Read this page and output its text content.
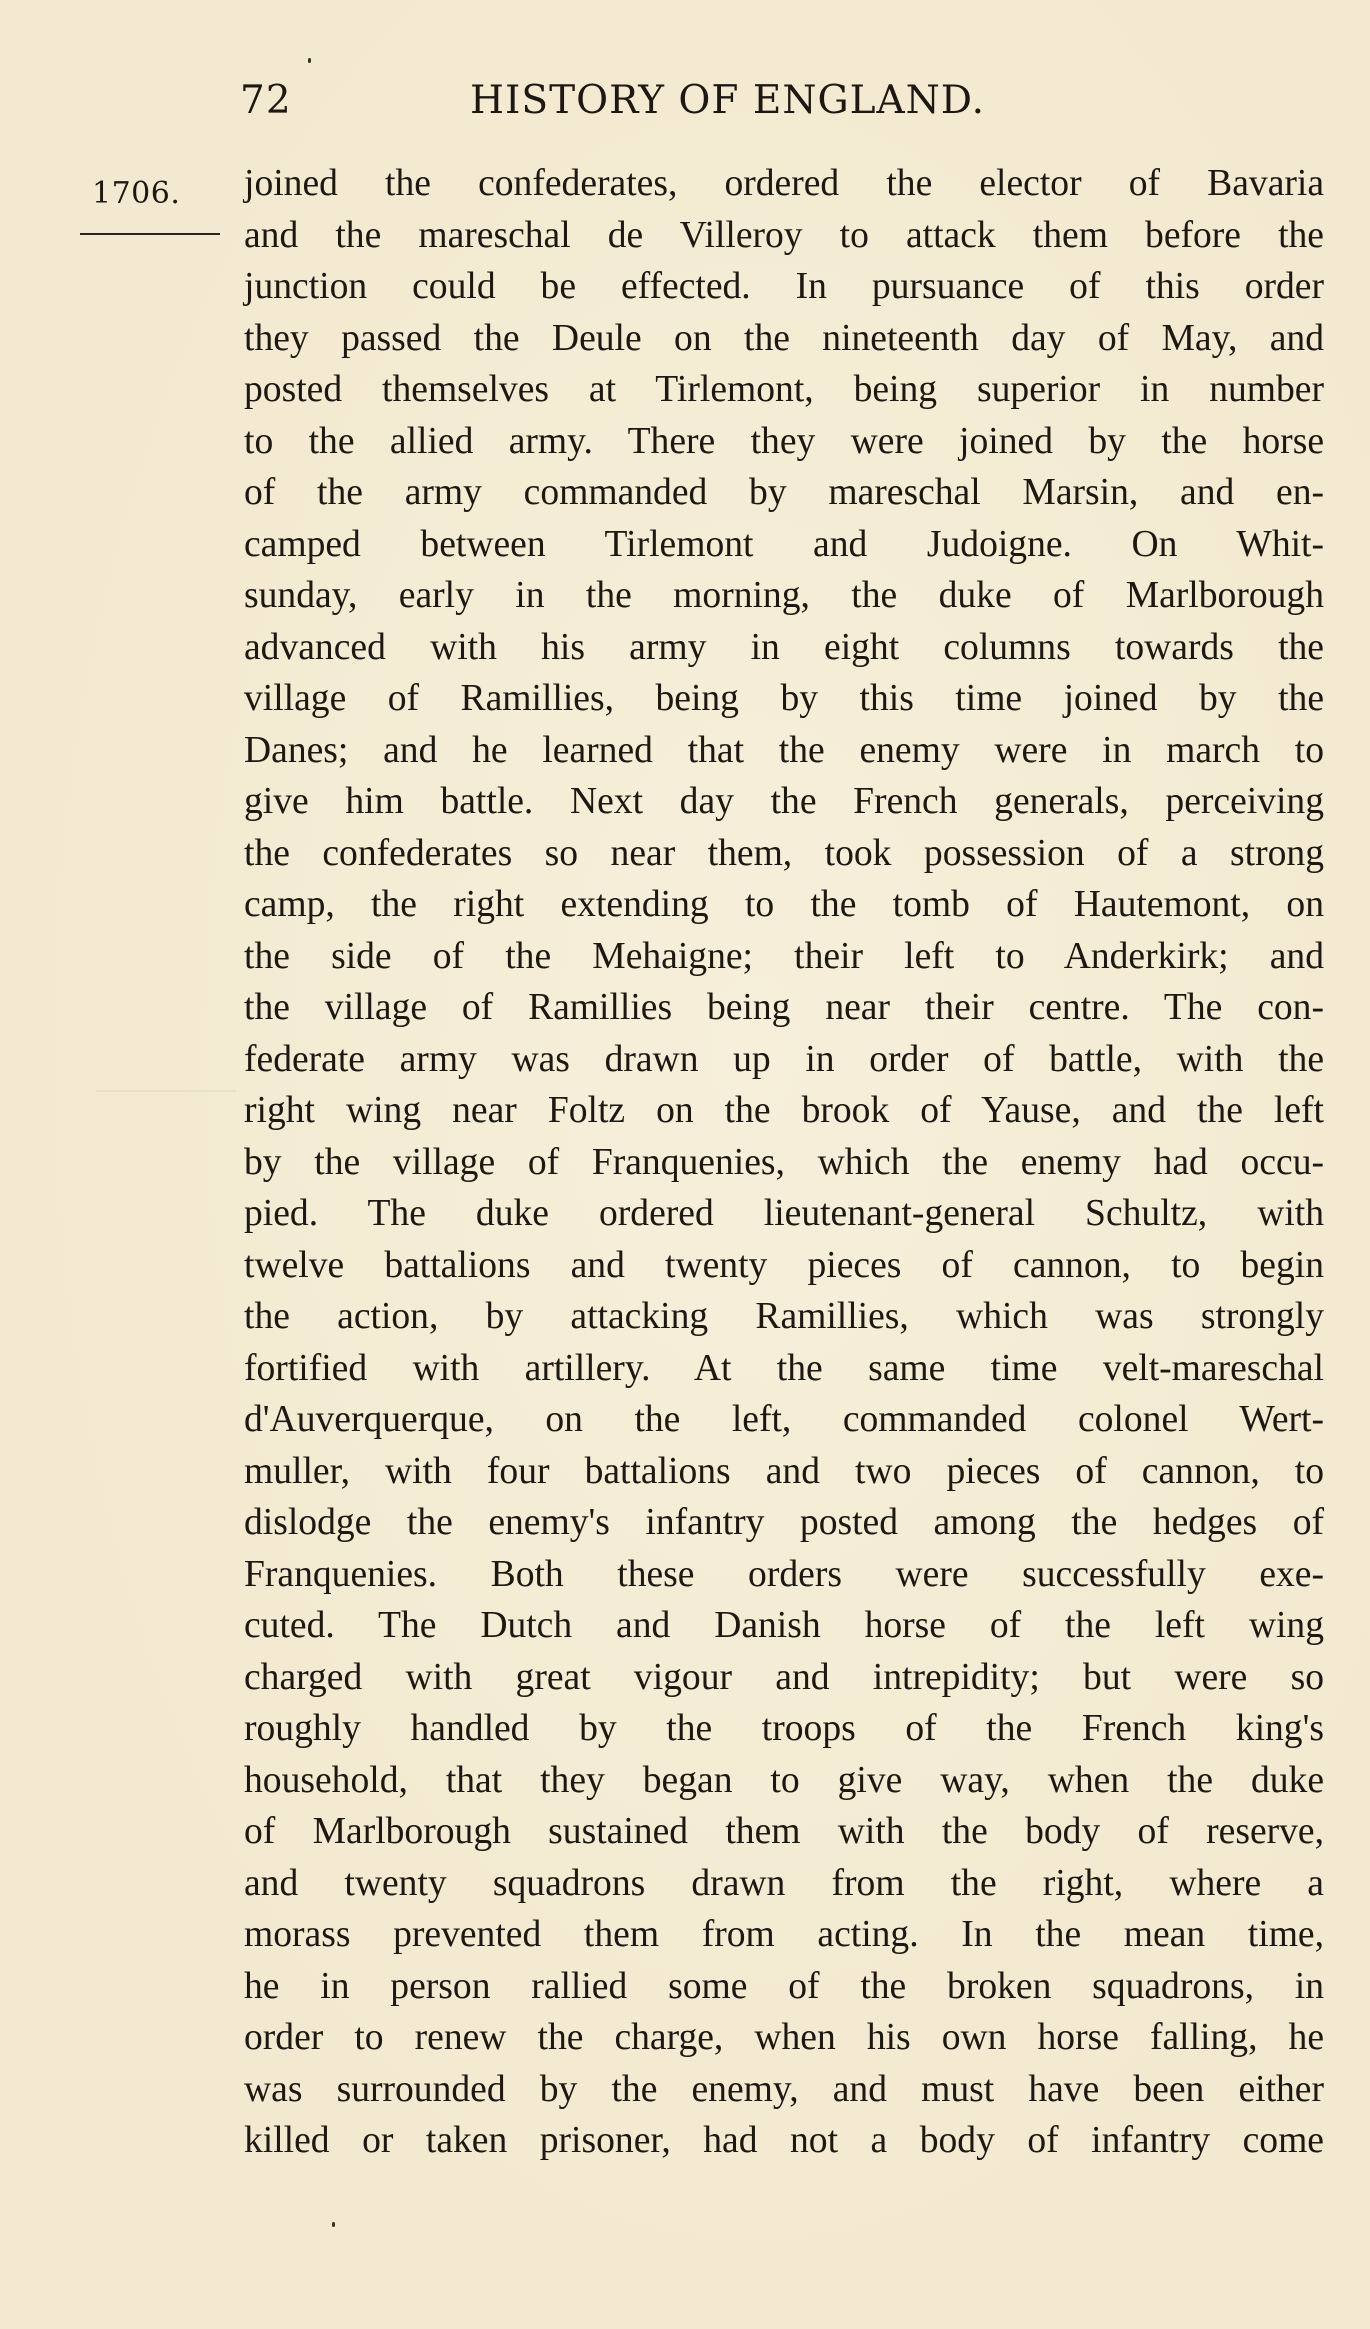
72	HISTORY OF ENGLAND.
1706. joined the confederates, ordered the elector of Bavaria
and the mareschal de Villeroy to attack them before the
junction could be effected. In pursuance of this order
they passed the Deule on the nineteenth day of May, and
posted themselves at Tirlemont, being superior in number
to the allied army. There they were joined by the horse
of the army commanded by mareschal Marsin, and en-
camped between Tirlemont and Judoigne. On Whit-
sunday, early in the morning, the duke of Marlborough
advanced with his army in eight columns towards the
village of Ramillies, being by this time joined by the
Danes; and he learned that the enemy were in march to
give him battle. Next day the French generals, perceiving
the confederates so near them, took possession of a strong
camp, the right extending to the tomb of Hautemont, on
the side of the Mehaigne; their left to Anderkirk; and
the village of Ramillies being near their centre. The con-
federate army was drawn up in order of battle, with the
right wing near Foltz on the brook of Yause, and the left
by the village of Franquenies, which the enemy had occu-
pied. The duke ordered lieutenant-general Schultz, with
twelve battalions and twenty pieces of cannon, to begin
the action, by attacking Ramillies, which was strongly
fortified with artillery. At the same time velt-mareschal
d'Auverquerque, on the left, commanded colonel Wert-
muller, with four battalions and two pieces of cannon, to
dislodge the enemy's infantry posted among the hedges of
Franquenies. Both these orders were successfully exe-
cuted. The Dutch and Danish horse of the left wing
charged with great vigour and intrepidity; but were so
roughly handled by the troops of the French king's
household, that they began to give way, when the duke
of Marlborough sustained them with the body of reserve,
and twenty squadrons drawn from the right, where a
morass prevented them from acting. In the mean time,
he in person rallied some of the broken squadrons, in
order to renew the charge, when his own horse falling, he
was surrounded by the enemy, and must have been either
killed or taken prisoner, had not a body of infantry come
